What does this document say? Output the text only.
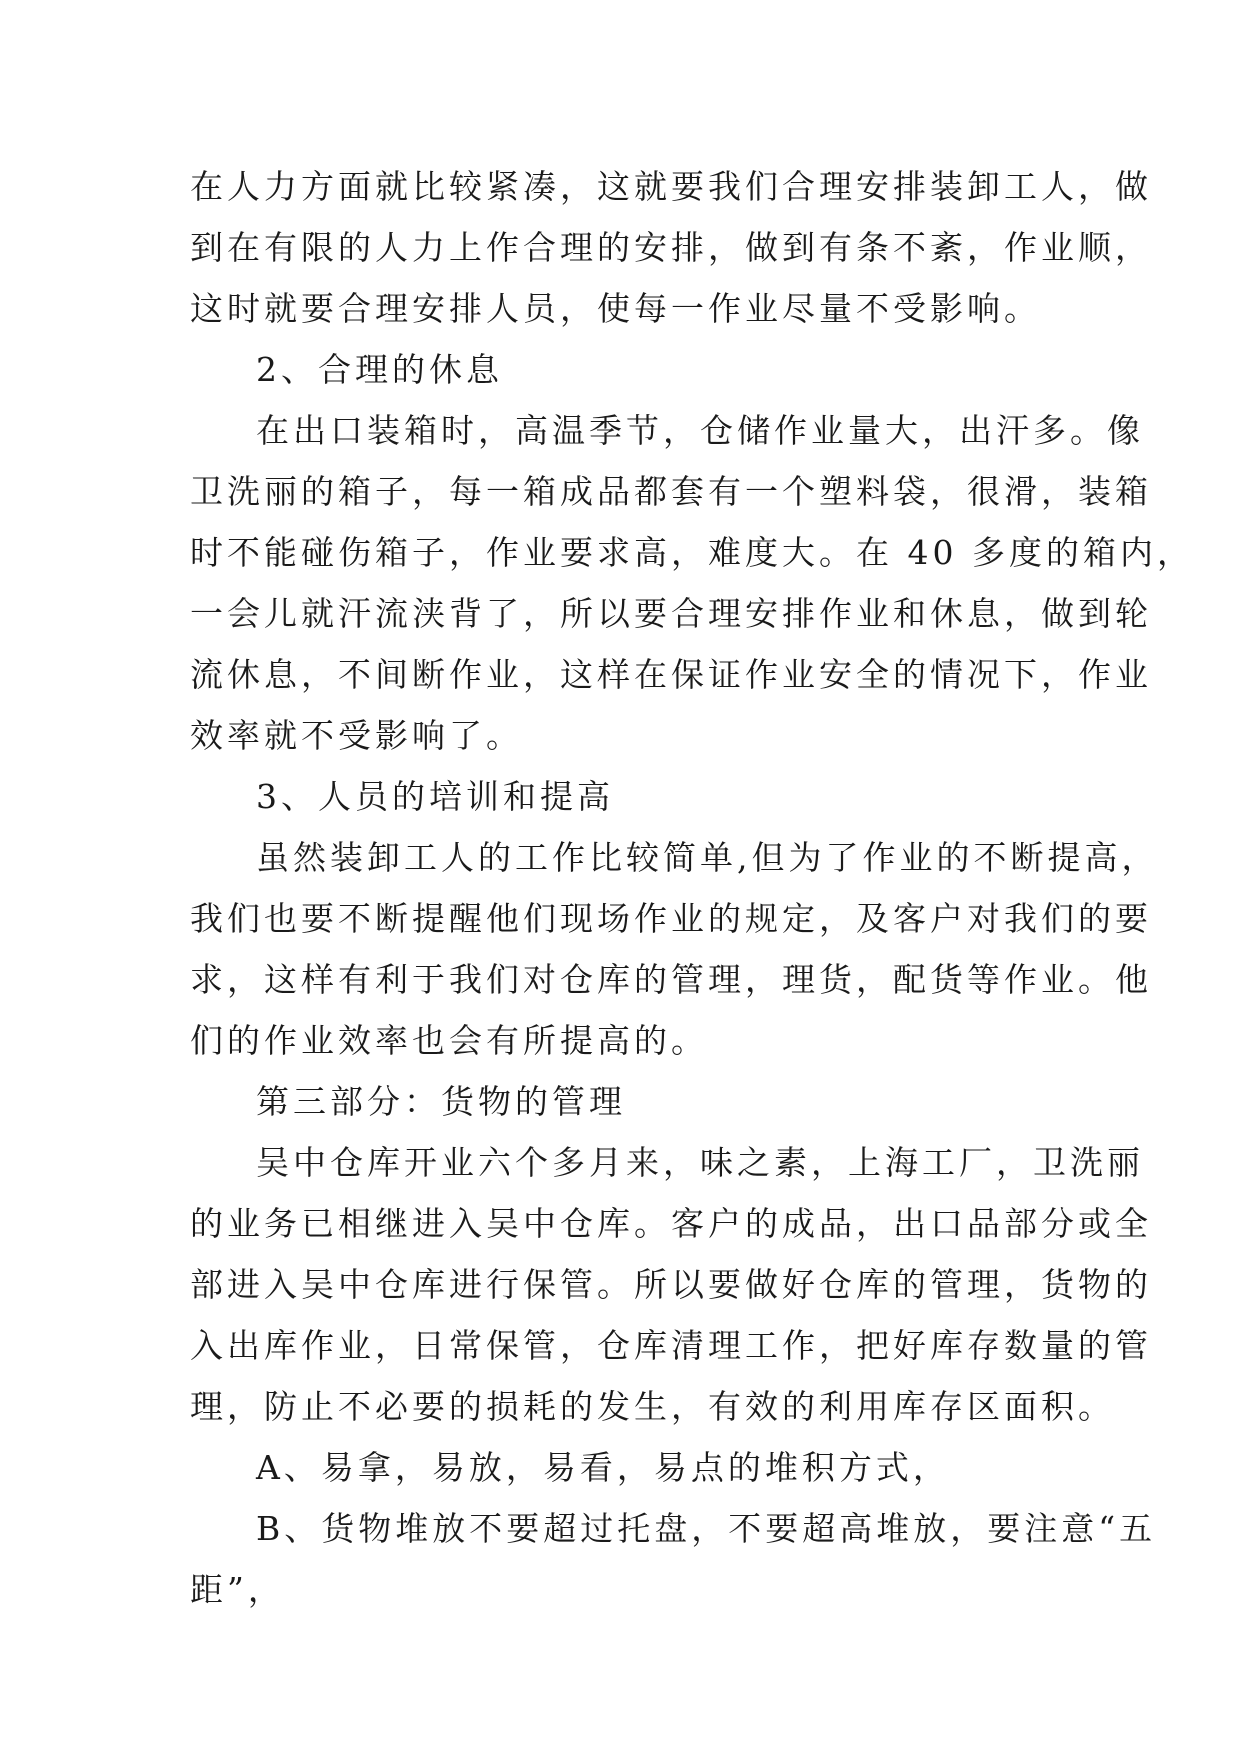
在人力方面就比较紧凑，这就要我们合理安排装卸工人，做

到在有限的人力上作合理的安排，做到有条不紊，作业顺，

这时就要合理安排人员，使每一作业尽量不受影响。

2、合理的休息

在出口装箱时，高温季节，仓储作业量大，出汗多。像

卫洗丽的箱子，每一箱成品都套有一个塑料袋，很滑，装箱

时不能碰伤箱子，作业要求高，难度大。在 40 多度的箱内，

一会儿就汗流浃背了，所以要合理安排作业和休息，做到轮

流休息，不间断作业，这样在保证作业安全的情况下，作业

效率就不受影响了。

3、人员的培训和提高

虽然装卸工人的工作比较简单,但为了作业的不断提高，

我们也要不断提醒他们现场作业的规定，及客户对我们的要

求，这样有利于我们对仓库的管理，理货，配货等作业。他

们的作业效率也会有所提高的。

第三部分：货物的管理

吴中仓库开业六个多月来，味之素，上海工厂，卫洗丽

的业务已相继进入吴中仓库。客户的成品，出口品部分或全

部进入吴中仓库进行保管。所以要做好仓库的管理，货物的

入出库作业，日常保管，仓库清理工作，把好库存数量的管

理，防止不必要的损耗的发生，有效的利用库存区面积。

A、易拿，易放，易看，易点的堆积方式，

B、货物堆放不要超过托盘，不要超高堆放，要注意“五

距”，
